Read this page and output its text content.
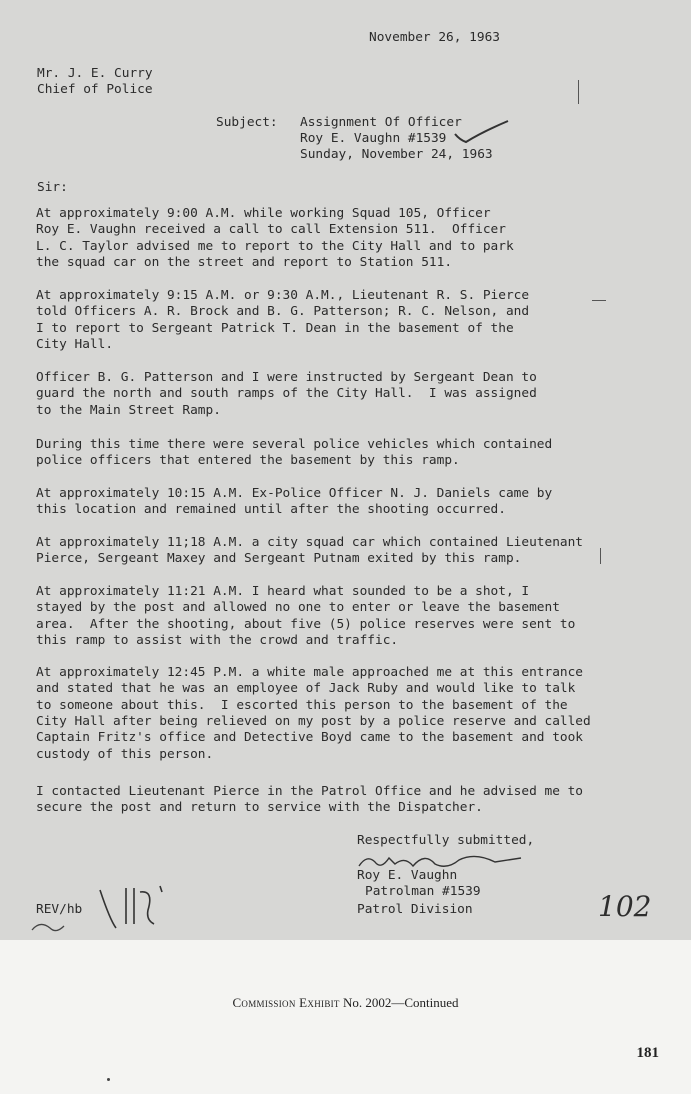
November 26, 1963
Mr. J. E. Curry
Chief of Police
Subject: Assignment Of Officer
Roy E. Vaughn #1539
Sunday, November 24, 1963
Sir:
At approximately 9:00 A.M. while working Squad 105, Officer
Roy E. Vaughn received a call to call Extension 511.  Officer
L. C. Taylor advised me to report to the City Hall and to park
the squad car on the street and report to Station 511.
At approximately 9:15 A.M. or 9:30 A.M., Lieutenant R. S. Pierce
told Officers A. R. Brock and B. G. Patterson; R. C. Nelson, and
I to report to Sergeant Patrick T. Dean in the basement of the
City Hall.
Officer B. G. Patterson and I were instructed by Sergeant Dean to
guard the north and south ramps of the City Hall.  I was assigned
to the Main Street Ramp.
During this time there were several police vehicles which contained
police officers that entered the basement by this ramp.
At approximately 10:15 A.M. Ex-Police Officer N. J. Daniels came by
this location and remained until after the shooting occurred.
At approximately 11;18 A.M. a city squad car which contained Lieutenant
Pierce, Sergeant Maxey and Sergeant Putnam exited by this ramp.
At approximately 11:21 A.M. I heard what sounded to be a shot, I
stayed by the post and allowed no one to enter or leave the basement
area.  After the shooting, about five (5) police reserves were sent to
this ramp to assist with the crowd and traffic.
At approximately 12:45 P.M. a white male approached me at this entrance
and stated that he was an employee of Jack Ruby and would like to talk
to someone about this.  I escorted this person to the basement of the
City Hall after being relieved on my post by a police reserve and called
Captain Fritz's office and Detective Boyd came to the basement and took
custody of this person.
I contacted Lieutenant Pierce in the Patrol Office and he advised me to
secure the post and return to service with the Dispatcher.
Respectfully submitted,
Roy E. Vaughn
Patrolman #1539
Patrol Division
REV/hb	102
Commission Exhibit No. 2002—Continued
181
